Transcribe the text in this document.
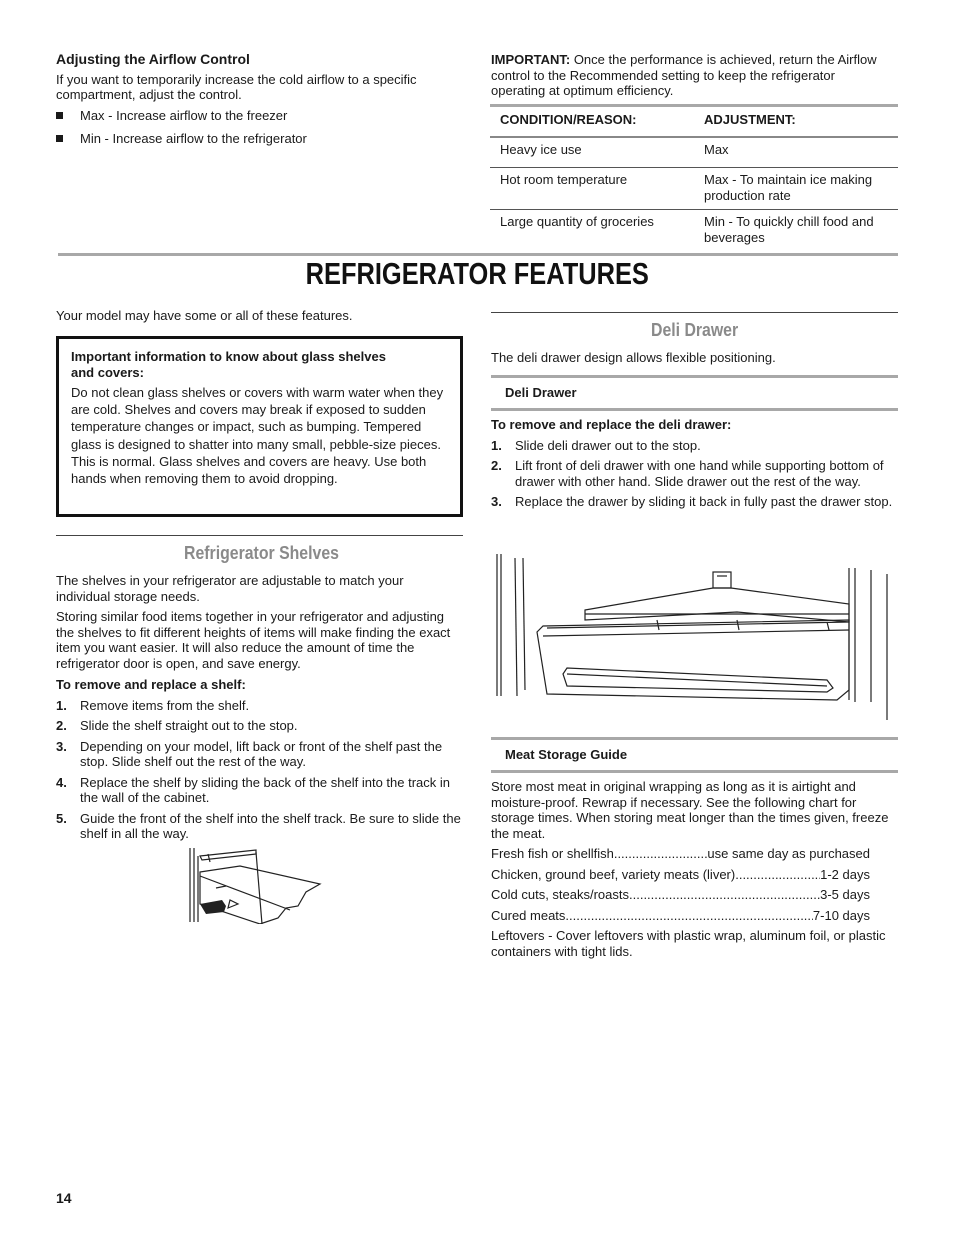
Adjusting the Airflow Control

If you want to temporarily increase the cold airflow to a specific compartment, adjust the control.

Max - Increase airflow to the freezer
Min - Increase airflow to the refrigerator

IMPORTANT: Once the performance is achieved, return the Airflow control to the Recommended setting to keep the refrigerator operating at optimum efficiency.

CONDITION/REASON:	ADJUSTMENT:
Heavy ice use	Max
Hot room temperature	Max - To maintain ice making production rate
Large quantity of groceries	Min - To quickly chill food and beverages
REFRIGERATOR FEATURES

Your model may have some or all of these features.

Important information to know about glass shelves and covers:

Do not clean glass shelves or covers with warm water when they are cold. Shelves and covers may break if exposed to sudden temperature changes or impact, such as bumping. Tempered glass is designed to shatter into many small, pebble-size pieces. This is normal. Glass shelves and covers are heavy. Use both hands when removing them to avoid dropping.

Refrigerator Shelves

The shelves in your refrigerator are adjustable to match your individual storage needs.

Storing similar food items together in your refrigerator and adjusting the shelves to fit different heights of items will make finding the exact item you want easier. It will also reduce the amount of time the refrigerator door is open, and save energy.

To remove and replace a shelf:

1. Remove items from the shelf.
2. Slide the shelf straight out to the stop.
3. Depending on your model, lift back or front of the shelf past the stop. Slide shelf out the rest of the way.
4. Replace the shelf by sliding the back of the shelf into the track in the wall of the cabinet.
5. Guide the front of the shelf into the shelf track. Be sure to slide the shelf in all the way.
Deli Drawer

The deli drawer design allows flexible positioning.

Deli Drawer

To remove and replace the deli drawer:

1. Slide deli drawer out to the stop.
2. Lift front of deli drawer with one hand while supporting bottom of drawer with other hand. Slide drawer out the rest of the way.
3. Replace the drawer by sliding it back in fully past the drawer stop.
Meat Storage Guide

Store most meat in original wrapping as long as it is airtight and moisture-proof. Rewrap if necessary. See the following chart for storage times. When storing meat longer than the times given, freeze the meat.

Fresh fish or shellfish .....	use same day as purchased
Chicken, ground beef, variety meats (liver) .....	1-2 days
Cold cuts, steaks/roasts .....	3-5 days
Cured meats .....	7-10 days

Leftovers - Cover leftovers with plastic wrap, aluminum foil, or plastic containers with tight lids.

14
